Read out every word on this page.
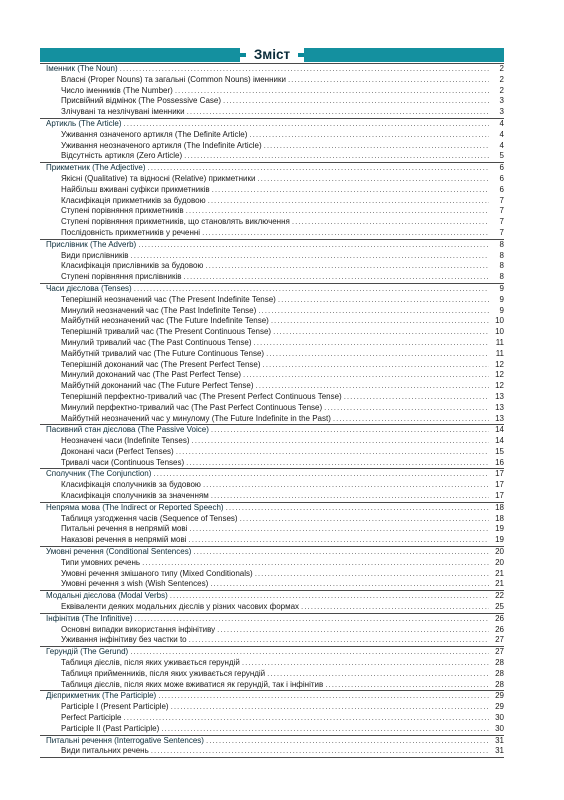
Зміст
Іменник (The Noun) .....	2
Власні (Proper Nouns) та загальні (Common Nouns) іменники .....	2
Число іменників (The Number) .....	2
Присвійний відмінок (The Possessive Case) .....	3
Злічувані та незлічувані іменники .....	3
Артикль (The Article) .....	4
Уживання означеного артикля (The Definite Article) .....	4
Уживання неозначеного артикля (The Indefinite Article) .....	4
Відсутність артикля (Zero Article) .....	5
Прикметник (The Adjective) .....	6
Якісні (Qualitative) та відносні (Relative) прикметники .....	6
Найбільш вживані суфікси прикметників .....	6
Класифікація прикметників за будовою .....	7
Ступені порівняння прикметників .....	7
Ступені порівняння прикметників, що становлять виключення .....	7
Послідовність прикметників у реченні .....	7
Прислівник (The Adverb) .....	8
Види прислівників .....	8
Класифікація прислівників за будовою .....	8
Ступені порівняння прислівників .....	8
Часи дієслова (Tenses) .....	9
Теперішній неозначений час (The Present Indefinite Tense) .....	9
Минулий неозначений час (The Past Indefinite Tense) .....	9
Майбутній неозначений час (The Future Indefinite Tense) .....	10
Теперішній тривалий час (The Present Continuous Tense) .....	10
Минулий тривалий час (The Past Continuous Tense) .....	11
Майбутній тривалий час (The Future Continuous Tense) .....	11
Теперішній доконаний час (The Present Perfect Tense) .....	12
Минулий доконаний час (The Past Perfect Tense) .....	12
Майбутній доконаний час (The Future Perfect Tense) .....	12
Теперішній перфектно-тривалий час (The Present Perfect Continuous Tense) .....	13
Минулий перфектно-тривалий час (The Past Perfect Continuous Tense) .....	13
Майбутній неозначений час у минулому (The Future Indefinite in the Past) .....	13
Пасивний стан дієслова (The Passive Voice) .....	14
Неозначені часи (Indefinite Tenses) .....	14
Доконані часи (Perfect Tenses) .....	15
Тривалі часи (Continuous Tenses) .....	16
Сполучник (The Conjunction) .....	17
Класифікація сполучників за будовою .....	17
Класифікація сполучників за значенням .....	17
Непряма мова (The Indirect or Reported Speech) .....	18
Таблиця узгодження часів (Sequence of Tenses) .....	18
Питальні речення в непрямій мові .....	19
Наказові речення в непрямій мові .....	19
Умовні речення (Conditional Sentences) .....	20
Типи умовних речень .....	20
Умовні речення змішаного типу (Mixed Conditionals) .....	21
Умовні речення з wish (Wish Sentences) .....	21
Модальні дієслова (Modal Verbs) .....	22
Еквіваленти деяких модальних дієслів у різних часових формах .....	25
Інфінітив (The Infinitive) .....	26
Основні випадки використання інфінітиву .....	26
Уживання інфінітиву без частки to .....	27
Герундій (The Gerund) .....	27
Таблиця дієслів, після яких уживається герундій .....	28
Таблиця прийменників, після яких уживається герундій .....	28
Таблиця дієслів, після яких може вживатися як герундій, так і інфінітив .....	28
Дієприкметник (The Participle) .....	29
Participle I (Present Participle) .....	29
Perfect Participle .....	30
Participle II (Past Participle) .....	30
Питальні речення (Interrogative Sentences) .....	31
Види питальних речень .....	31
